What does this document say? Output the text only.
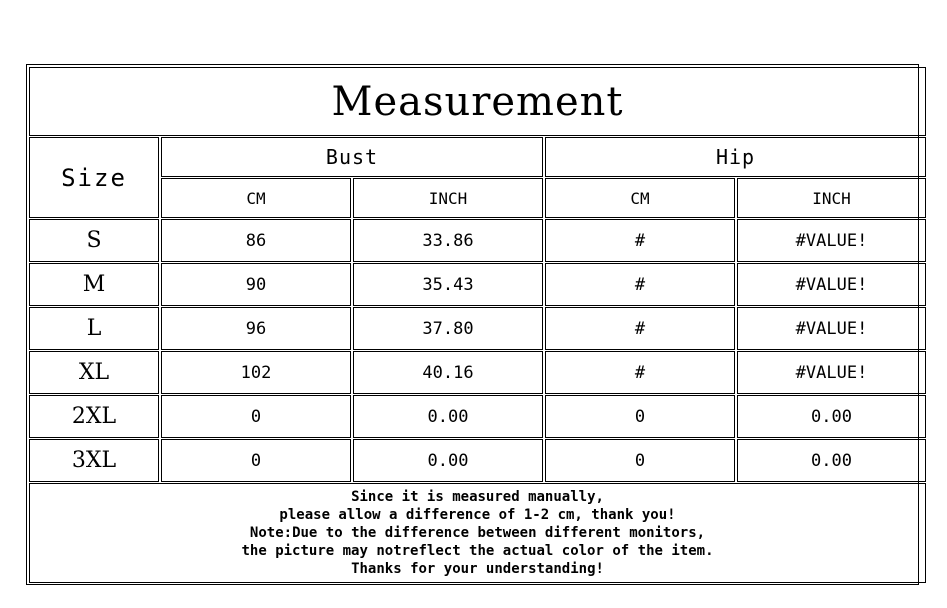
Measurement
Size
Bust	Hip
CM	INCH	CM	INCH
S	86	33.86	#	#VALUE!
M	90	35.43	#	#VALUE!
L	96	37.80	#	#VALUE!
XL	102	40.16	#	#VALUE!
2XL	0	0.00	0	0.00
3XL	0	0.00	0	0.00
Since it is measured manually,
please allow a difference of 1-2 cm, thank you!
Note:Due to the difference between different monitors,
the picture may notreflect the actual color of the item.
Thanks for your understanding!
